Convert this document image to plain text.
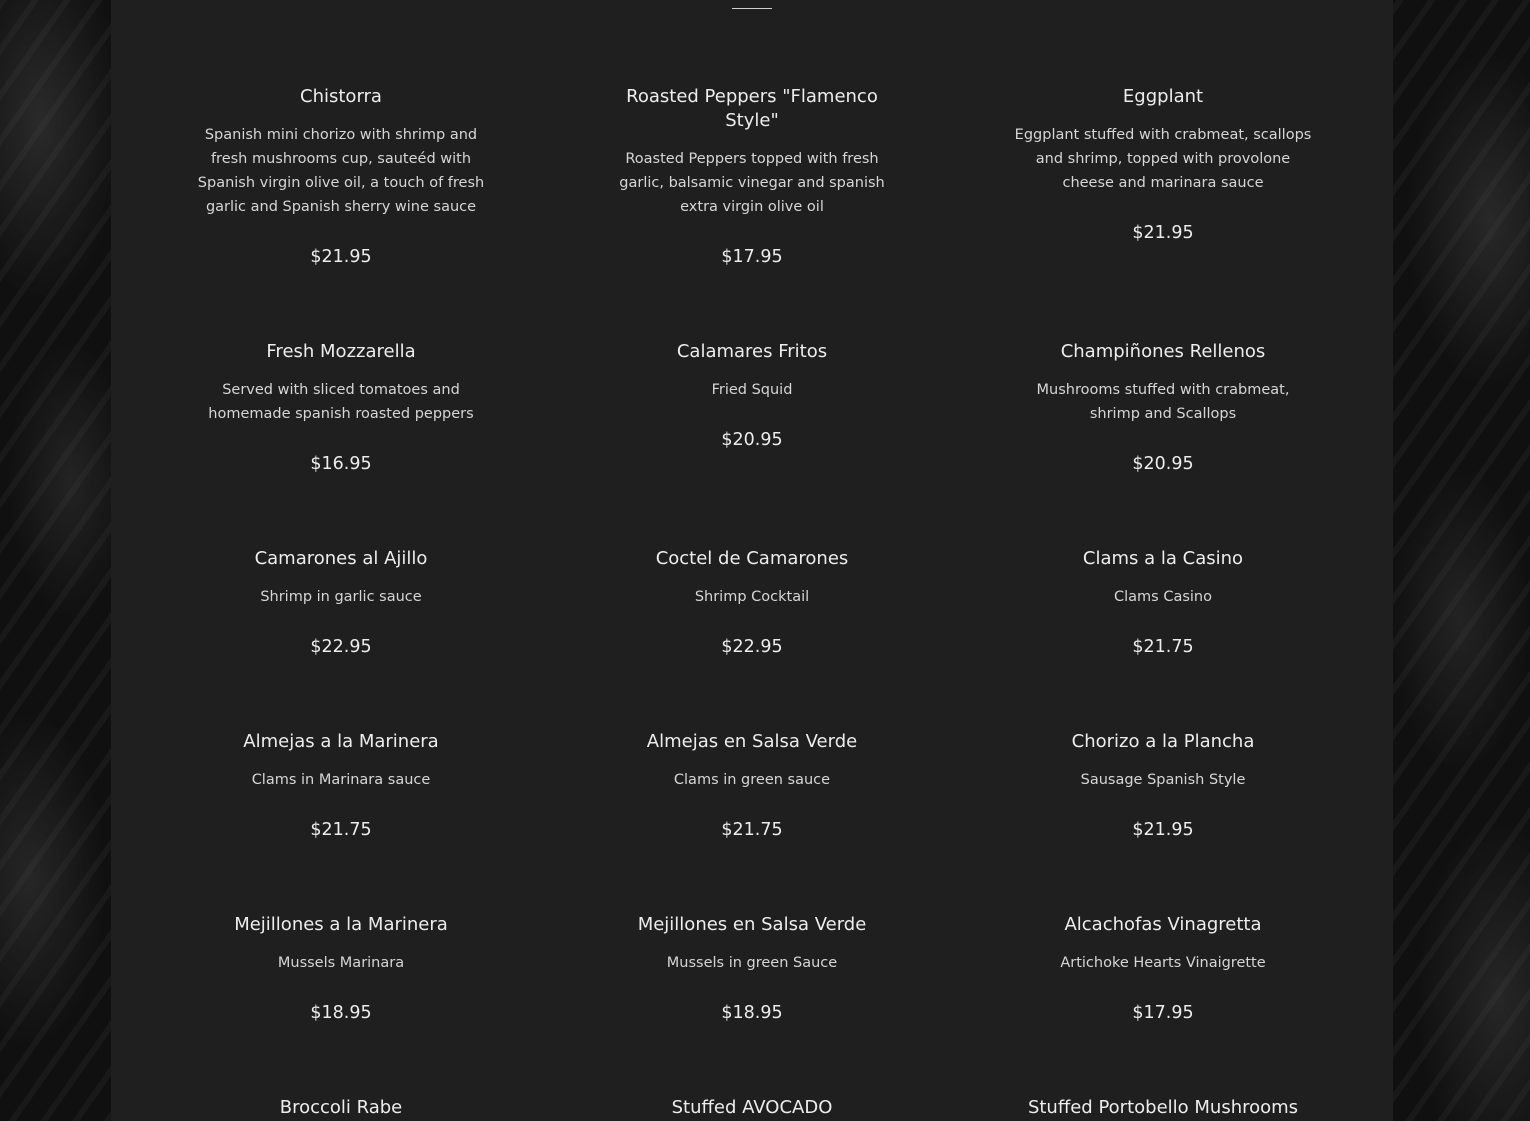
Chistorra
Spanish mini chorizo with shrimp and fresh mushrooms cup, sauteéd with Spanish virgin olive oil, a touch of fresh garlic and Spanish sherry wine sauce
$21.95
Roasted Peppers "Flamenco Style"
Roasted Peppers topped with fresh garlic, balsamic vinegar and spanish extra virgin olive oil
$17.95
Eggplant
Eggplant stuffed with crabmeat, scallops and shrimp, topped with provolone cheese and marinara sauce
$21.95
Fresh Mozzarella
Served with sliced tomatoes and homemade spanish roasted peppers
$16.95
Calamares Fritos
Fried Squid
$20.95
Champiñones Rellenos
Mushrooms stuffed with crabmeat, shrimp and Scallops
$20.95
Camarones al Ajillo
Shrimp in garlic sauce
$22.95
Coctel de Camarones
Shrimp Cocktail
$22.95
Clams a la Casino
Clams Casino
$21.75
Almejas a la Marinera
Clams in Marinara sauce
$21.75
Almejas en Salsa Verde
Clams in green sauce
$21.75
Chorizo a la Plancha
Sausage Spanish Style
$21.95
Mejillones a la Marinera
Mussels Marinara
$18.95
Mejillones en Salsa Verde
Mussels in green Sauce
$18.95
Alcachofas Vinagretta
Artichoke Hearts Vinaigrette
$17.95
Broccoli Rabe	Stuffed AVOCADO	Stuffed Portobello Mushrooms
